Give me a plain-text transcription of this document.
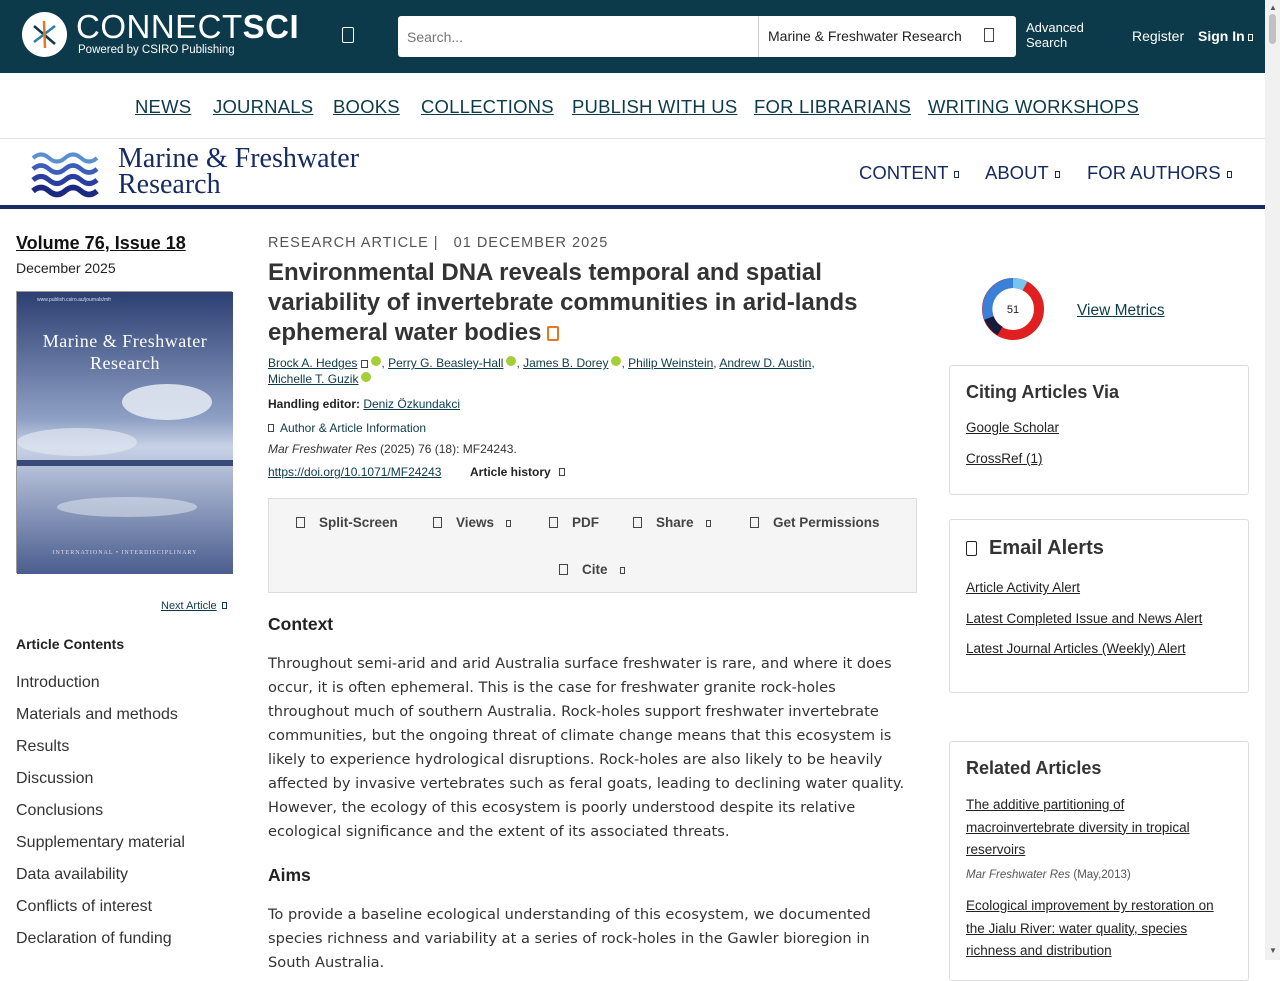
CONNECTSCI
Powered by CSIRO Publishing
Search...
Marine & Freshwater Research
Advanced Search	Register Sign In
▲
▼
NEWS JOURNALS BOOKS COLLECTIONS PUBLISH WITH US FOR LIBRARIANS WRITING WORKSHOPS
Marine & Freshwater
Research	CONTENT	ABOUT	FOR AUTHORS
Volume 76, Issue 18
December 2025
www.publish.csiro.au/journals/mfr
Marine & Freshwater
Research
INTERNATIONAL • INTERDISCIPLINARY
Next Article
Article Contents
Introduction
Materials and methods
Results
Discussion
Conclusions
Supplementary material
Data availability
Conflicts of interest
Declaration of funding
RESEARCH ARTICLE |   01 DECEMBER 2025
Environmental DNA reveals temporal and spatial variability of invertebrate communities in arid-lands ephemeral water bodies
Brock A. Hedges , Perry G. Beasley-Hall , James B. Dorey , Philip Weinstein, Andrew D. Austin,
Michelle T. Guzik
Handling editor: Deniz Özkundakci
Author & Article Information
Mar Freshwater Res (2025) 76 (18): MF24243.
https://doi.org/10.1071/MF24243 Article history
Split-Screen	Views	PDF	Share	Get Permissions
Cite
Context
Throughout semi-arid and arid Australia surface freshwater is rare, and where it does occur, it is often ephemeral. This is the case for freshwater granite rock-holes throughout much of southern Australia. Rock-holes support freshwater invertebrate communities, but the ongoing threat of climate change means that this ecosystem is likely to experience hydrological disruptions. Rock-holes are also likely to be heavily affected by invasive vertebrates such as feral goats, leading to declining water quality. However, the ecology of this ecosystem is poorly understood despite its relative ecological significance and the extent of its associated threats.
Aims
To provide a baseline ecological understanding of this ecosystem, we documented species richness and variability at a series of rock-holes in the Gawler bioregion in South Australia.
51	View Metrics
Citing Articles Via
Google Scholar
CrossRef (1)
Email Alerts
Article Activity Alert
Latest Completed Issue and News Alert
Latest Journal Articles (Weekly) Alert
Related Articles
The additive partitioning of macroinvertebrate diversity in tropical reservoirs
Mar Freshwater Res (May,2013)
Ecological improvement by restoration on the Jialu River: water quality, species richness and distribution
